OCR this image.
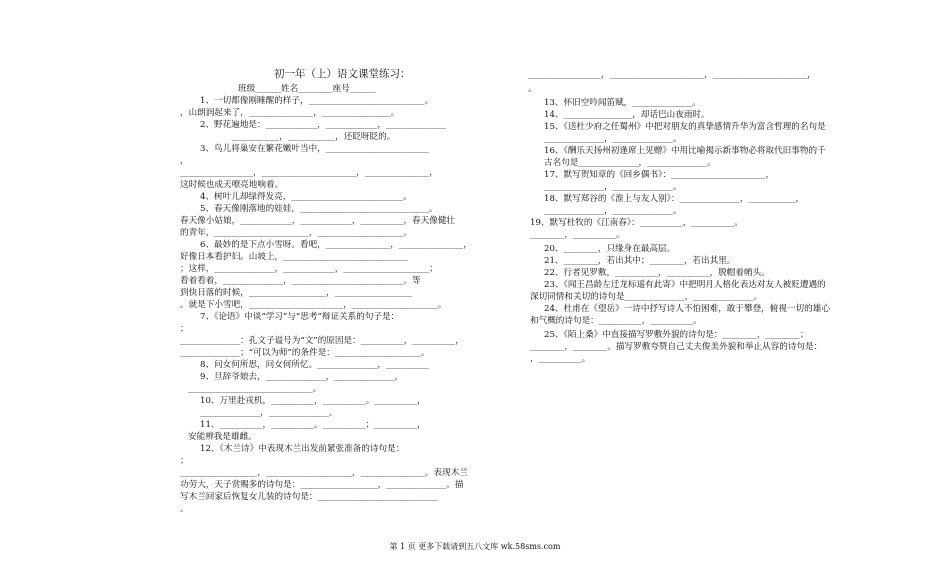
初一年（上）语文课堂练习：
班级______姓名________座号______
1、一切都像刚睡醒的样子，___________________________。
，山朗润起来了，_______________，________________。
2、野花遍地是：____________，____________，______________
___________，___________，还眨呀眨的。
3、鸟儿将巢安在繁花嫩叶当中，________________________
，
_________________，______________________，_______________，
这时候也成天嘹亮地响着。
4、树叶儿却绿得发亮，__________________________。
5、春天像刚落地的娃娃，______________________________。
春天像小姑娘，____________，____________，__________，春天像健壮
的青年，______________________，____________________。
6、最妙的是下点小雪呀。看吧，_______________，_______________，
好像日本看护妇。山坡上，_____________________________
；这样，______________，____________，____________________；
看着看着，______________，__________________________。等
到快日落的时候，__________________，__________________
。就是下小雪吧，______________________，____________________。
7、《论语》中谈“学习”与“思考”辩证关系的句子是：
；
______________：孔文子谥号为“文”的原因是：__________，__________，
______________；“可以为师”的条件是：____________________。
8、问女何所思，问女何所忆。______________，__________
9、旦辞爷娘去，______________，______________，
_____________________________。
10、万里赴戎机，__________，__________。__________，
______________，______________。
11、__________，__________。__________；__________，
安能辨我是雄雌。
12、《木兰诗》中表现木兰出发前紧张准备的诗句是：
；
__________________，____________________，_______________。表现木兰
功劳大，天子赏赐多的诗句是：__________________，______________。描
写木兰回家后恢复女儿装的诗句是：____________________________
。
_________________，______________________，______________________，
。
13、怀旧空吟闻笛赋，______________。
14、________________，却话巴山夜雨时。
15、《送杜少府之任蜀州》中把对朋友的真挚感情升华为富含哲理的名句是
______________，______________。
16、《酬乐天扬州初逢席上见赠》中用比喻揭示新事物必将取代旧事物的千
古名句是______________，______________。
17、默写贺知章的《回乡偶书》：______________________，
______________，______________。
18、默写郑谷的《淮上与友人别》：______________，___________，
______________，______________。
19、默写杜牧的《江南春》：__________，__________。
________，__________。
20、________，只缘身在最高层。
21、________，若出其中；________，若出其里。
22、行者见罗敷，__________，__________，脱帽着帩头。
23、《闻王昌龄左迁龙标遥有此寄》中把明月人格化表达对友人被贬遭遇的
深切同情和关切的诗句是______________，______________。
24、杜甫在《望岳》一诗中抒写诗人不怕困难，敢于攀登，俯视一切的雄心
和气概的诗句是：__________，__________。
25、《陌上桑》中直接描写罗敷外貌的诗句是：________，________；
________，________。描写罗敷夸赞自己丈夫俊美外貌和举止从容的诗句是：
，__________。
第 1 页 更多下载请到五八文库 wk.58sms.com
